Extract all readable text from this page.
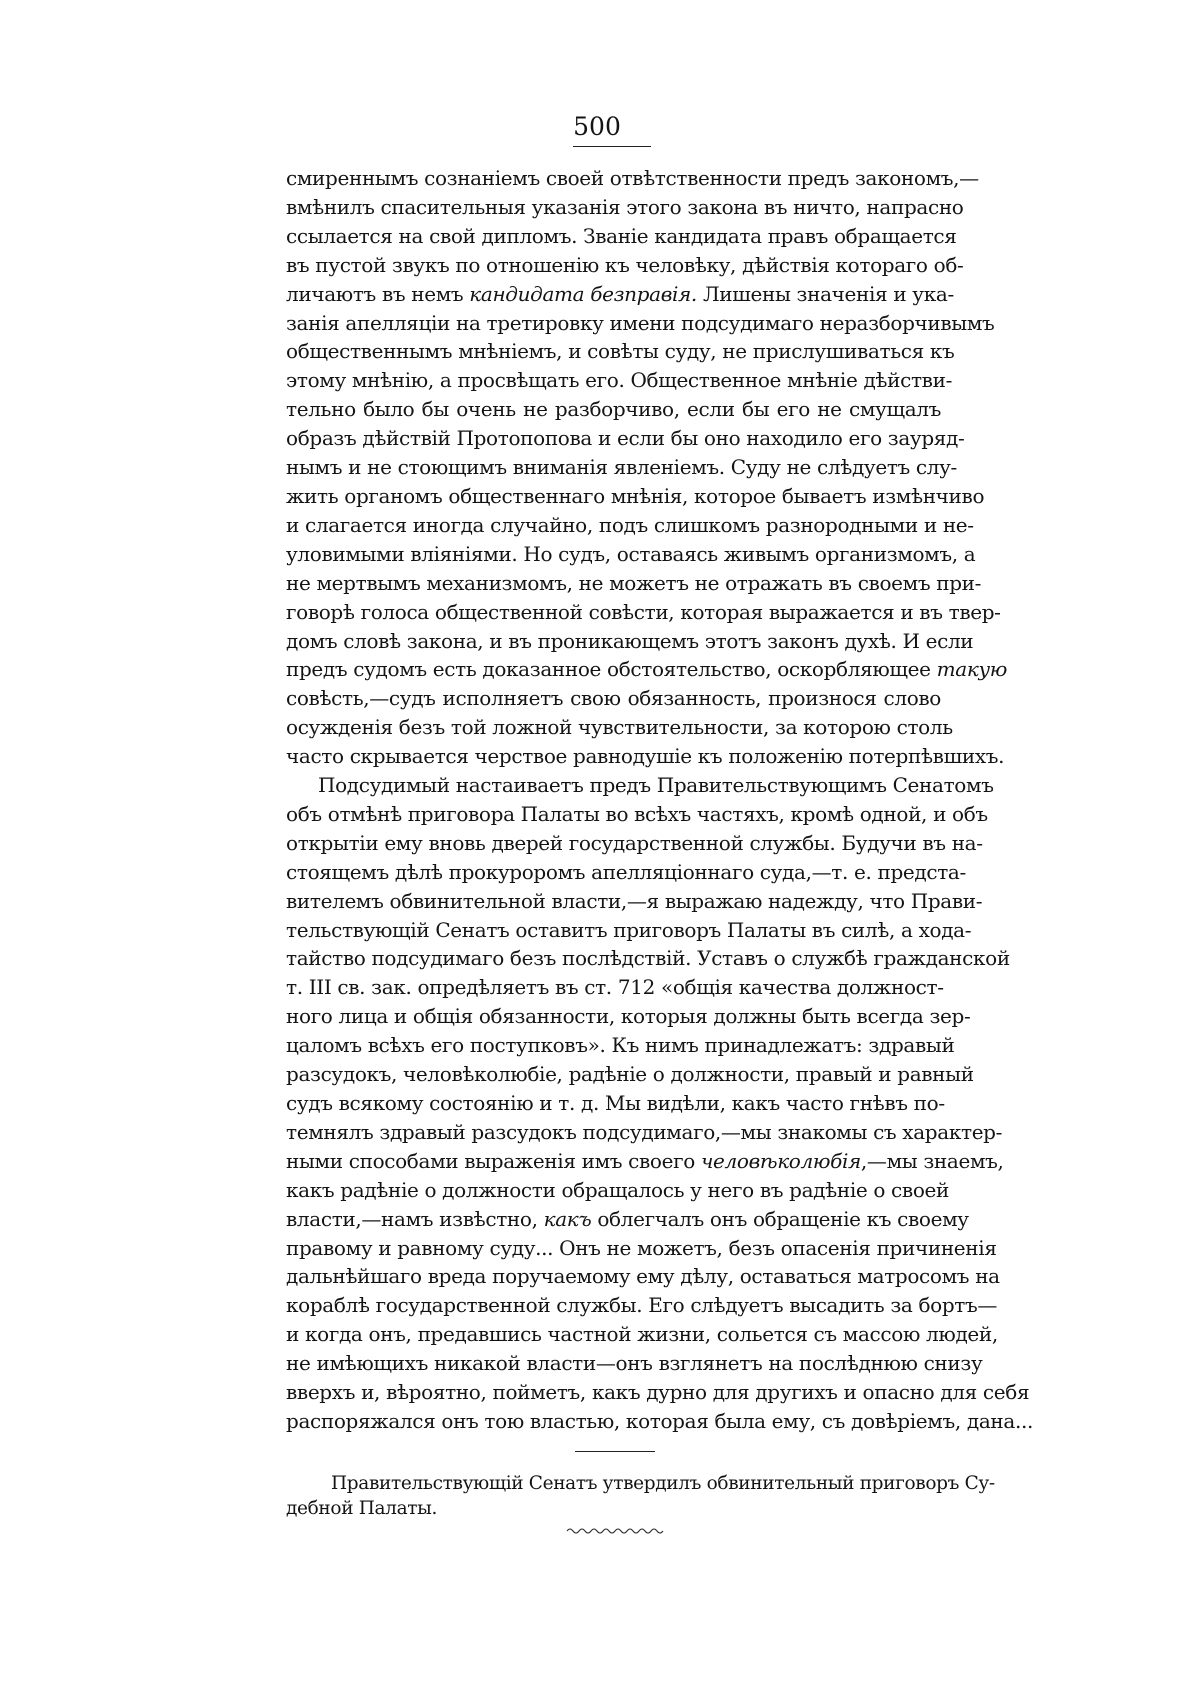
500
смиреннымъ сознаніемъ своей отвѣтственности предъ закономъ,—
вмѣнилъ спасительныя указанія этого закона въ ничто, напрасно
ссылается на свой дипломъ. Званіе кандидата правъ обращается
въ пустой звукъ по отношенію къ человѣку, дѣйствія котораго об-
личаютъ въ немъ кандидата безправія. Лишены значенія и ука-
занія апелляціи на третировку имени подсудимаго неразборчивымъ
общественнымъ мнѣніемъ, и совѣты суду, не прислушиваться къ
этому мнѣнію, а просвѣщать его. Общественное мнѣніе дѣйстви-
тельно было бы очень не разборчиво, если бы его не смущалъ
образъ дѣйствій Протопопова и если бы оно находило его зауряд-
нымъ и не стоющимъ вниманія явленіемъ. Суду не слѣдуетъ слу-
жить органомъ общественнаго мнѣнія, которое бываетъ измѣнчиво
и слагается иногда случайно, подъ слишкомъ разнородными и не-
уловимыми вліяніями. Но судъ, оставаясь живымъ организмомъ, а
не мертвымъ механизмомъ, не можетъ не отражать въ своемъ при-
говорѣ голоса общественной совѣсти, которая выражается и въ твер-
домъ словѣ закона, и въ проникающемъ этотъ законъ духѣ. И если
предъ судомъ есть доказанное обстоятельство, оскорбляющее такую
совѣсть,—судъ исполняетъ свою обязанность, произнося слово
осужденія безъ той ложной чувствительности, за которою столь
часто скрывается черствое равнодушіе къ положенію потерпѣвшихъ.
Подсудимый настаиваетъ предъ Правительствующимъ Сенатомъ
объ отмѣнѣ приговора Палаты во всѣхъ частяхъ, кромѣ одной, и объ
открытіи ему вновь дверей государственной службы. Будучи въ на-
стоящемъ дѣлѣ прокуроромъ апелляціоннаго суда,—т. е. предста-
вителемъ обвинительной власти,—я выражаю надежду, что Прави-
тельствующій Сенатъ оставитъ приговоръ Палаты въ силѣ, а хода-
тайство подсудимаго безъ послѣдствій. Уставъ о службѣ гражданской
т. III св. зак. опредѣляетъ въ ст. 712 «общія качества должност-
ного лица и общія обязанности, которыя должны быть всегда зер-
цаломъ всѣхъ его поступковъ». Къ нимъ принадлежатъ: здравый
разсудокъ, человѣколюбіе, радѣніе о должности, правый и равный
судъ всякому состоянію и т. д. Мы видѣли, какъ часто гнѣвъ по-
темнялъ здравый разсудокъ подсудимаго,—мы знакомы съ характер-
ными способами выраженія имъ своего человѣколюбія,—мы знаемъ,
какъ радѣніе о должности обращалось у него въ радѣніе о своей
власти,—намъ извѣстно, какъ облегчалъ онъ обращеніе къ своему
правому и равному суду... Онъ не можетъ, безъ опасенія причиненія
дальнѣйшаго вреда поручаемому ему дѣлу, оставаться матросомъ на
кораблѣ государственной службы. Его слѣдуетъ высадить за бортъ—
и когда онъ, предавшись частной жизни, сольется съ массою людей,
не имѣющихъ никакой власти—онъ взглянетъ на послѣднюю снизу
вверхъ и, вѣроятно, пойметъ, какъ дурно для другихъ и опасно для себя
распоряжался онъ тою властью, которая была ему, съ довѣріемъ, дана...
Правительствующій Сенатъ утвердилъ обвинительный приговоръ Су-
дебной Палаты.
